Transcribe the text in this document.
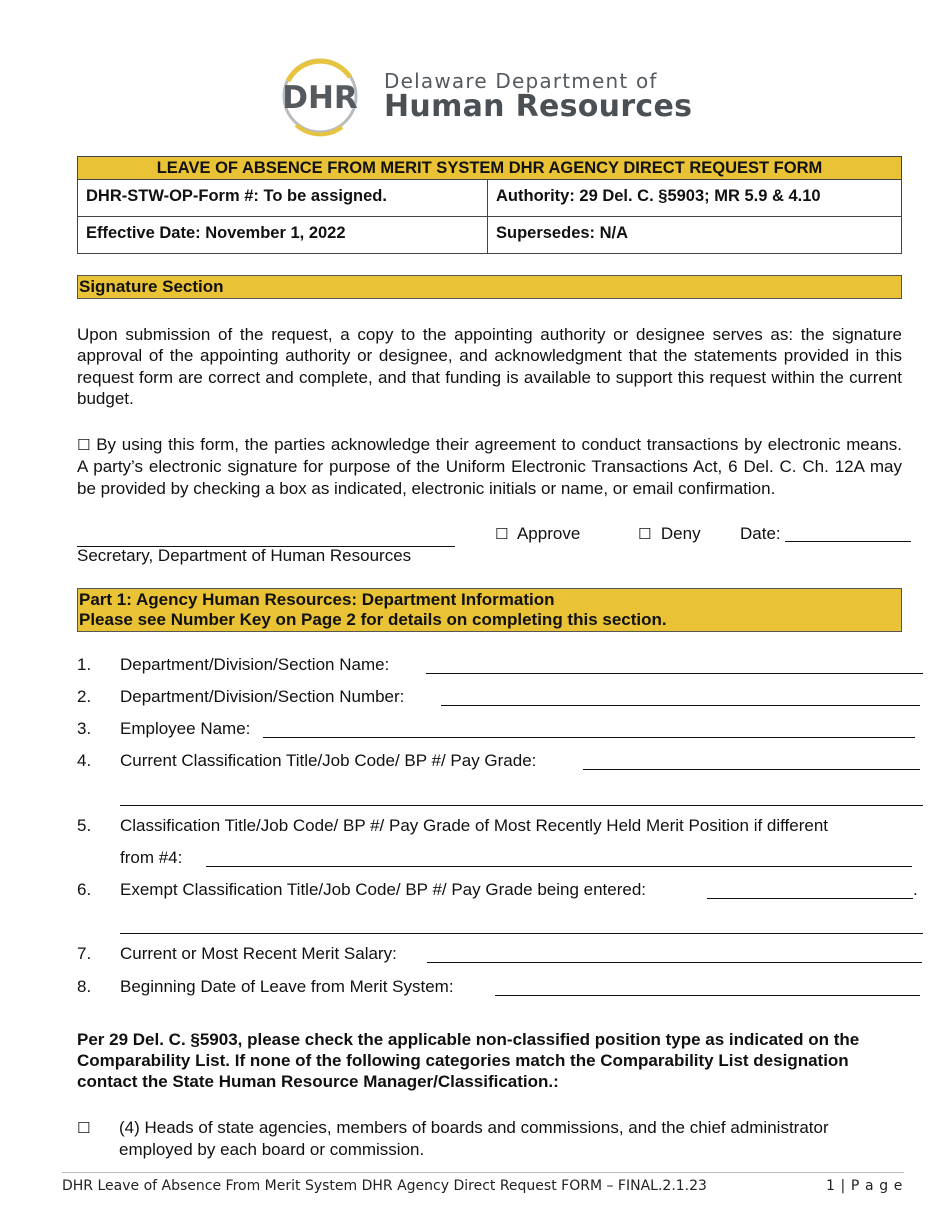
DHR Delaware Department of
Human Resources
LEAVE OF ABSENCE FROM MERIT SYSTEM DHR AGENCY DIRECT REQUEST FORM
DHR-STW-OP-Form #: To be assigned.	Authority: 29 Del. C. §5903; MR 5.9 & 4.10
Effective Date: November 1, 2022	Supersedes: N/A
Signature Section
Upon submission of the request, a copy to the appointing authority or designee serves as: the signature approval of the appointing authority or designee, and acknowledgment that the statements provided in this request form are correct and complete, and that funding is available to support this request within the current budget.
☐ By using this form, the parties acknowledge their agreement to conduct transactions by electronic means. A party’s electronic signature for purpose of the Uniform Electronic Transactions Act, 6 Del. C. Ch. 12A may be provided by checking a box as indicated, electronic initials or name, or email confirmation.
☐ Approve	☐ Deny Date:
Secretary, Department of Human Resources
Part 1: Agency Human Resources: Department Information
Please see Number Key on Page 2 for details on completing this section.
1.	Department/Division/Section Name:
2.	Department/Division/Section Number:
3.	Employee Name:
4.	Current Classification Title/Job Code/ BP #/ Pay Grade:
5.	Classification Title/Job Code/ BP #/ Pay Grade of Most Recently Held Merit Position if different
from #4:
6.	Exempt Classification Title/Job Code/ BP #/ Pay Grade being entered:	.
7.	Current or Most Recent Merit Salary:
8.	Beginning Date of Leave from Merit System:
Per 29 Del. C. §5903, please check the applicable non-classified position type as indicated on the Comparability List. If none of the following categories match the Comparability List designation contact the State Human Resource Manager/Classification.:
☐	(4) Heads of state agencies, members of boards and commissions, and the chief administrator
employed by each board or commission.
DHR Leave of Absence From Merit System DHR Agency Direct Request FORM – FINAL.2.1.23	1 | P a g e
